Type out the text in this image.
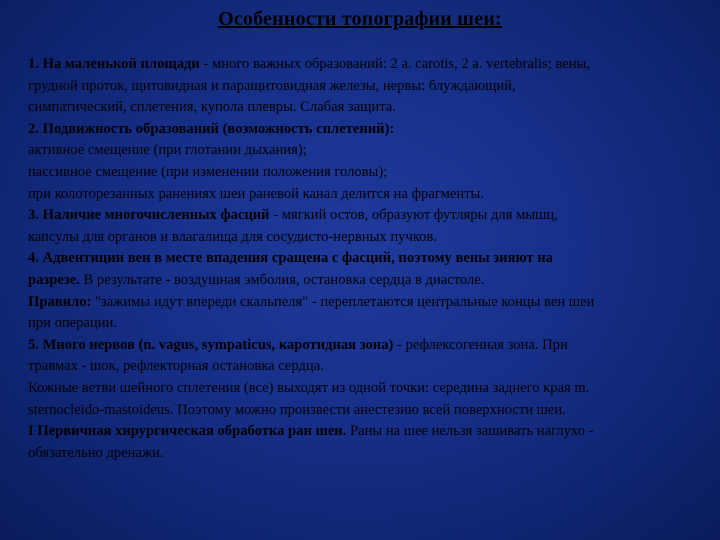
Особенности топографии шеи:
1. На маленькой площади - много важных образований: 2 a. carotis, 2 a. vertebralis; вены,
грудной проток, щитовидная и паращитовидная железы, нервы: блуждающий,
симпатический, сплетения, купола плевры. Слабая защита.
2. Подвижность образований (возможность сплетений):
активное смещение (при глотании дыхания);
пассивное смещение (при изменении положения головы);
при колоторезанных ранениях шеи раневой канал делится на фрагменты.
3. Наличие многочисленных фасций - мягкий остов, образуют футляры для мышц,
капсулы для органов и влагалища для сосудисто-нервных пучков.
4. Адвентиции вен в месте впадения сращена с фасций, поэтому вены зияют на
разрезе. В результате - воздушная эмболия, остановка сердца в диастоле.
Правило: "зажимы идут впереди скальпеля" - переплетаются центральные концы вен шеи
при операции.
5. Много нервов (n. vagus, sympaticus, каротидная зона) - рефлексогенная зона. При
травмах - шок, рефлекторная остановка сердца.
Кожные ветви шейного сплетения (все) выходят из одной точки: середина заднего края m.
sternocleido-mastoideus. Поэтому можно произвести анестезию всей поверхности шеи.
I Первичная хирургическая обработка ран шеи. Раны на шее нельзя зашивать наглухо -
обязательно дренажи.
